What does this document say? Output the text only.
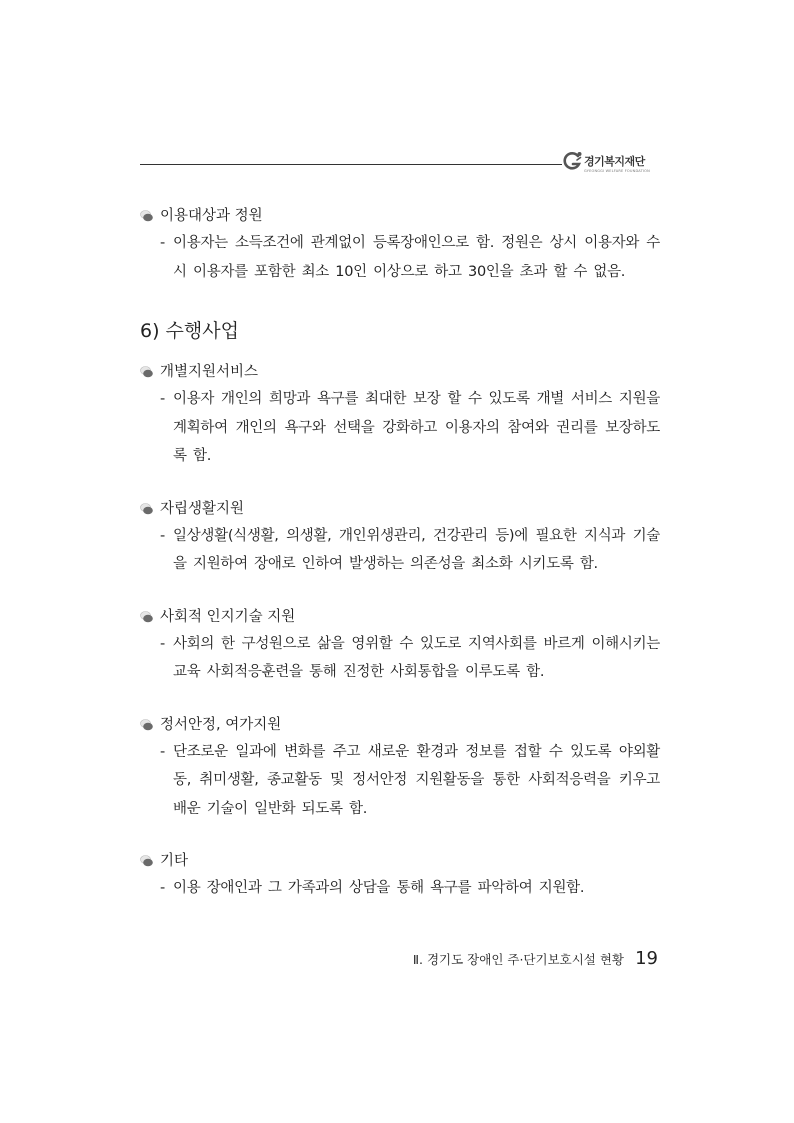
경기복지재단
GYEONGGI WELFARE FOUNDATION
이용대상과 정원
- 이용자는 소득조건에 관계없이 등록장애인으로 함. 정원은 상시 이용자와 수시 이용자를 포함한 최소 10인 이상으로 하고 30인을 초과 할 수 없음.
6) 수행사업
개별지원서비스
- 이용자 개인의 희망과 욕구를 최대한 보장 할 수 있도록 개별 서비스 지원을 계획하여 개인의 욕구와 선택을 강화하고 이용자의 참여와 권리를 보장하도록 함.
자립생활지원
- 일상생활(식생활, 의생활, 개인위생관리, 건강관리 등)에 필요한 지식과 기술을 지원하여 장애로 인하여 발생하는 의존성을 최소화 시키도록 함.
사회적 인지기술 지원
- 사회의 한 구성원으로 삶을 영위할 수 있도로 지역사회를 바르게 이해시키는 교육 사회적응훈련을 통해 진정한 사회통합을 이루도록 함.
정서안정, 여가지원
- 단조로운 일과에 변화를 주고 새로운 환경과 정보를 접할 수 있도록 야외활동, 취미생활, 종교활동 및 정서안정 지원활동을 통한 사회적응력을 키우고 배운 기술이 일반화 되도록 함.
기타
- 이용 장애인과 그 가족과의 상담을 통해 욕구를 파악하여 지원함.
Ⅱ. 경기도 장애인 주·단기보호시설 현황 19
